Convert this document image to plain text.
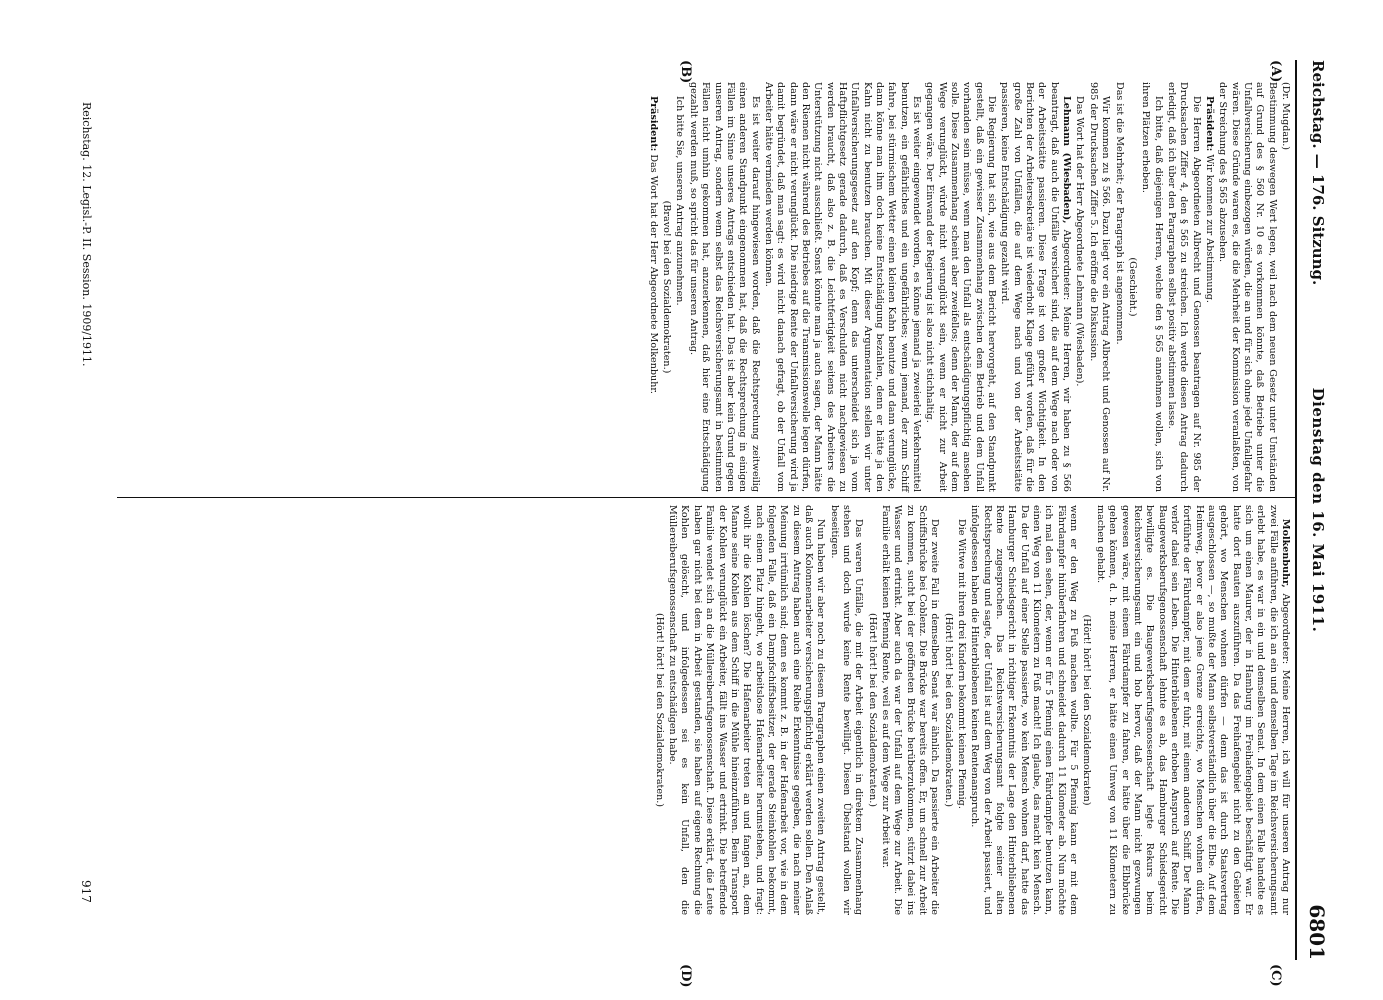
Reichstag. — 176. Sitzung.
Dienstag den 16. Mai 1911.
6801
(A)
(B)
(C)
(D)

(Dr. Mugdan.)

Bestimmung deswegen Wert legen, weil nach dem neuen Gesetz unter Umständen auf Grund des § 560 Nr. 10 es vorkommen könnte, daß Betriebe unter die Unfallversicherung einbezogen würden, die an und für sich ohne jede Unfallgefahr wären. Diese Gründe waren es, die die Mehrheit der Kommission veranlaßten, von der Streichung des § 565 abzusehen.

Präsident: Wir kommen zur Abstimmung.

Die Herren Abgeordneten Albrecht und Genossen beantragen auf Nr. 985 der Drucksachen Ziffer 4, den § 565 zu streichen. Ich werde diesen Antrag dadurch erledigt, daß ich über den Paragraphen selbst positiv abstimmen lasse.

Ich bitte, daß diejenigen Herren, welche den § 565 annehmen wollen, sich von ihren Plätzen erheben.

(Geschieht.)

Das ist die Mehrheit; der Paragraph ist angenommen.

Wir kommen zu § 566. Dazu liegt vor ein Antrag Albrecht und Genossen auf Nr. 985 der Drucksachen Ziffer 5. Ich eröffne die Diskussion.

Das Wort hat der Herr Abgeordnete Lehmann (Wiesbaden).

Lehmann (Wiesbaden), Abgeordneter: Meine Herren, wir haben zu § 566 beantragt, daß auch die Unfälle versichert sind, die auf dem Wege nach oder von der Arbeitsstätte passieren. Diese Frage ist von großer Wichtigkeit. In den Berichten der Arbeitersekretäre ist wiederholt Klage geführt worden, daß für die große Zahl von Unfällen, die auf dem Wege nach und von der Arbeitsstätte passieren, keine Entschädigung gezahlt wird.

Die Regierung hat sich, wie aus dem Bericht hervorgeht, auf den Standpunkt gestellt, daß ein gewisser Zusammenhang zwischen dem Betrieb und dem Unfall vorhanden sein müsse, wenn man den Unfall als entschädigungspflichtig ansehen solle. Diese Zusammenhang scheint aber zweifellos; denn der Mann, der auf dem Wege verunglückt, würde nicht verunglückt sein, wenn er nicht zur Arbeit gegangen wäre. Der Einwand der Regierung ist also nicht stichhaltig.

Es ist weiter eingewendet worden, es könne jemand ja zweierlei Verkehrsmittel benutzen, ein gefährliches und ein ungefährliches; wenn jemand, der zum Schiff fahre, bei stürmischem Wetter einen kleinen Kahn benutze und dann verunglücke, dann könne man ihm doch keine Entschädigung bezahlen, denn er hätte ja den Kahn nicht zu benutzen brauchen. Mit dieser Argumentation stellen wir unter Unfallversicherungsgesetz auf den Kopf; denn das unterscheidet sich ja vom Haftpflichtgesetz gerade dadurch, daß es Verschulden nicht nachgewiesen zu werden braucht, daß also z. B. die Leichtfertigkeit seitens des Arbeiters die Unterstützung nicht ausschließt. Sonst könnte man ja auch sagen, der Mann hätte den Riemen nicht während des Betriebes auf die Transmissionswelle legen dürfen, dann wäre er nicht verunglückt. Die niedrige Rente der Unfallversicherung wird ja damit begründet, daß man sagt: es wird nicht danach gefragt, ob der Unfall vom Arbeiter hätte vermieden werden können.

Es ist weiter darauf hingewiesen worden, daß die Rechtsprechung zeitweilig einen anderen Standpunkt eingenommen hat, daß die Rechtsprechung in einigen Fällen im Sinne unseres Antrags entschieden hat. Das ist aber kein Grund gegen unseren Antrag, sondern wenn selbst das Reichsversicherungsamt in bestimmten Fällen nicht umhin gekommen hat, anzuerkennen, daß hier eine Entschädigung gezahlt werden muß, so spricht das für unseren Antrag.

Ich bitte Sie, unseren Antrag anzunehmen.

(Bravo! bei den Sozialdemokraten.)

Präsident: Das Wort hat der Herr Abgeordnete Molkenbuhr.

Molkenbuhr, Abgeordneter: Meine Herren, ich will für unseren Antrag nur zwei Fälle anführen, die ich an ein und demselben Tage im Reichsversicherungsamt erlebt habe, es war in ein und demselben Senat. In dem einen Falle handelte es sich um einen Maurer, der in Hamburg im Freihafengebiet beschäftigt war. Er hatte dort Bauten auszuführen. Da das Freihafengebiet nicht zu den Gebieten gehört, wo Menschen wohnen dürfen — denn das ist durch Staatsvertrag ausgeschlossen —, so mußte der Mann selbstverständlich über die Elbe. Auf dem Heimweg, bevor er also jene Grenze erreichte, wo Menschen wohnen dürfen, fortführte der Fährdampfer, mit dem er fuhr, mit einem anderen Schiff. Der Mann verlor dabei sein Leben. Die Hinterbliebenen erhoben Anspruch auf Rente. Die Baugewerksberufsgenossenschaft lehnte es ab, das Hamburger Schiedsgericht bewilligte es. Die Baugewerksberufsgenossenschaft legte Rekurs beim Reichsversicherungsamt ein und hob hervor, daß der Mann nicht gezwungen gewesen wäre, mit einem Fährdampfer zu fahren, er hätte über die Elbbrücke gehen können, d. h. meine Herren, er hätte einen Umweg von 11 Kilometern zu machen gehabt.

(Hört! hört! bei den Sozialdemokraten)

wenn er den Weg zu Fuß machen wollte. Für 5 Pfennig kann er mit dem Fährdampfer hinüberfahren und schneidet dadurch 11 Kilometer ab. Nun möchte ich mal den sehen, der, wenn er für 5 Pfennig einen Fährdampfer benutzen kann, einen Weg von 11 Kilometern zu Fuß macht! Ich glaube, das macht kein Mensch. Da der Unfall auf einer Stelle passierte, wo kein Mensch wohnen darf, hatte das Hamburger Schiedsgericht in richtiger Erkenntnis der Lage den Hinterbliebenen Rente zugesprochen. Das Reichsversicherungsamt folgte seiner alten Rechtsprechung und sagte, der Unfall ist auf dem Weg von der Arbeit passiert, und infolgedessen haben die Hinterbliebenen keinen Rentenanspruch.

Die Witwe mit ihren drei Kindern bekommt keinen Pfennig.

(Hört! hört! bei den Sozialdemokraten.)

Der zweite Fall in demselben Senat war ähnlich. Da passierte ein Arbeiter die Schiffsbrücke bei Coblenz. Die Brücke war bereits offen. Er, um schnell zur Arbeit zu kommen, sucht bei der geöffneten Brücke herüberzukommen, stürzt dabei ins Wasser und ertrinkt. Aber auch da war der Unfall auf dem Wege zur Arbeit. Die Familie erhält keinen Pfennig Rente, weil es auf dem Wege zur Arbeit war.

(Hört! hört! bei den Sozialdemokraten.)

Das waren Unfälle, die mit der Arbeit eigentlich in direktem Zusammenhang stehen und doch wurde keine Rente bewilligt. Diesen Übelstand wollen wir beseitigen.

Nun haben wir aber noch zu diesem Paragraphen einen zweiten Antrag gestellt, daß auch Kolonnenarbeiter versicherungspflichtig erklärt werden sollen. Den Anlaß zu diesem Antrag haben auch eine Reihe Erkenntnisse gegeben, die nach meiner Meinung irrtümlich sind; denn es kommt z. B. in der Hafenarbeit vor, wie in dem folgenden Falle, daß ein Dampfschiffsbesitzer, der gerade Steinkohlen bekommt, nach einem Platz hingeht, wo arbeitslose Hafenarbeiter herumstehen, und fragt: wollt ihr die Kohlen löschen? Die Hafenarbeiter treten an und fangen an, dem Manne seine Kohlen aus dem Schiff in die Mühle hineinzuführen. Beim Transport der Kohlen verunglückt ein Arbeiter, fällt ins Wasser und ertrinkt. Die betreffende Familie wendet sich an die Müllereiberufsgenossenschaft. Diese erklärt, die Leute haben gar nicht bei dem in Arbeit gestanden, sie haben auf eigene Rechnung die Kohlen gelöscht, und infolgedessen sei es kein Unfall, den die Müllereiberufsgenossenschaft zu entschädigen habe.

(Hört! hört! bei den Sozialdemokraten.)

Reichstag. 12. Legisl.-P. II. Session. 1909/1911.
917
